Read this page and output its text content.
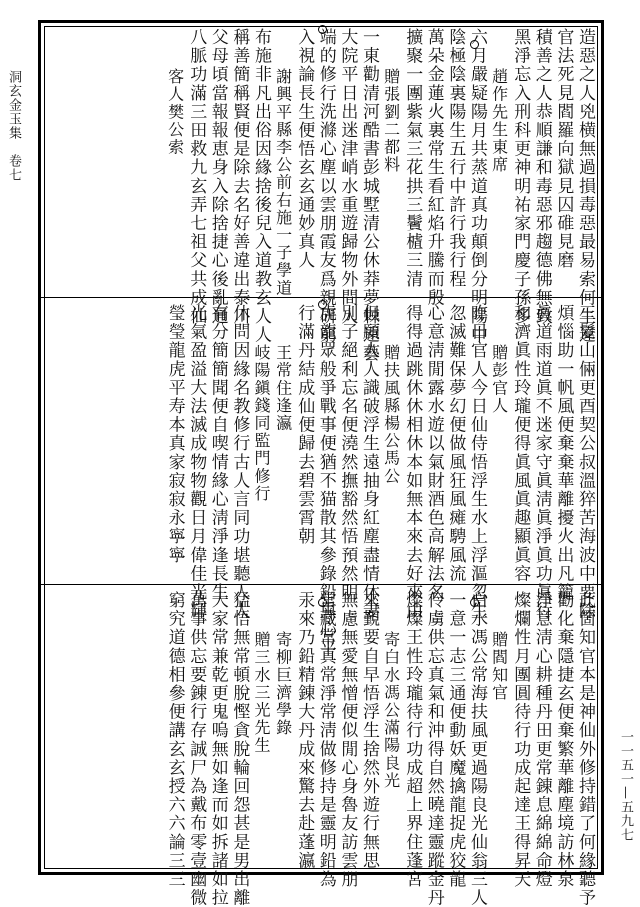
洞玄金玉集　卷七
一一五一—五九七
造惡之人兇横無過損毒惡最易索何生違
官法死見閻羅向獄見囚碓見磨
積善之人恭順謙和毒惡邪趨德佛無致
黑淨忘入刑科更神明祐家門慶子孫多
趙作先生東席
六月嚴疑陽月共蒸道真功顛倒分明陽中
陰極陰裏陽生五行中許行我行程
萬朵金蓮火裏常生看紅焰升騰而殷
擴聚一團紫氣三花拱三鬢樝三清
贈張劉二都料
一東勸清河酷書彭城墅清公休莽夢棘遠藝
大院平日出迷津峭水重遊歸物外間人
端的修行洗滌心塵以雲朋霞友爲親研窮
入視論長生便悟玄玄通妙真人
謝興平縣李公前右施一子學道
布施非凡出俗因緣捨後兒入道教玄人人
稱善簡稱賢便是除去名好善違出泰川
父母頃當報報恵身入除捨捷心後亂通
八脈功滿三田救九玄弄七祖父共成仙
客人樊公索
三髮山倆更酉契公叔溫猝苦海波中要除
煩惱助一帆風便棄棄華離擾火出凡籠
眞道雨道眞不迷家守眞淸眞淨眞功眞行
和濟眞性玲瓏便得眞風眞趣顯眞容
贈彭官人
昨日官人今日仙侍悟浮生水上浮漚忽生
忽滅難保夢幻便做風狂風瘫騁風流
心意淸閒露水遊以氣財酒色高解法名
得得過跳休休相休本如無本來去好來由
贈扶風縣楊公馬公
但願人人識破浮生遠抽身紅塵盡情休妻
別子絕利忘名便澆然撫豁然悟預然明
虎龍眾般爭戰事便猶不猫散其參錄鉛熏心平
行滿丹結成仙便歸去碧雲霄朝
王常住逢瀛
岐陽鎭錢同監門修行
休問因緣名教修行古人言同功堪聽人人
有分簡簡聞便自喫情緣心淸淨逢長生
光氣盈溢大法滅成物物觀日月偉佳光輝
瑩瑩龍虎平寿本真家寂寂永寧寧
此箇知官本是神仙外修持錯了何緣聽予
勸化棄隱捷玄便棄繁華離塵境訪林泉
淨意淸心耕種丹田更常錬息綿綿命燈
燦爛性月團圓待行功成起達王得昇天
贈閻知官
白水馮公常海扶風更過陽良光仙翁三人
一意一志三通便動妖魔擒龍捉虎狡龍
伶虜供忘真氣和沖得自然曉達靈蹤金丹
燦燦王性玲瓏待行功成超上界住蓬宮
寄白水馮公滿陽良光
來覲要自早悟浮生捨然外遊行無思
無慮無愛無憎便似閒心身魯友訪雲朋
常藏常真常淨常淸做修持是靈明鉛為
汞來乃鉛精錬大丹成來驚去赴蓬瀛
寄柳巨濟學錄
贈三水三光先生
猛悟無常頓脫慳貪脫輪回怨甚是男出離
大家常兼乾更鬼嗚無如逢而如拆諸如拉
萬事供忘要錬行存誠尸為戴布零壹幽微
窮究道德相參便講玄玄授六六論三三
